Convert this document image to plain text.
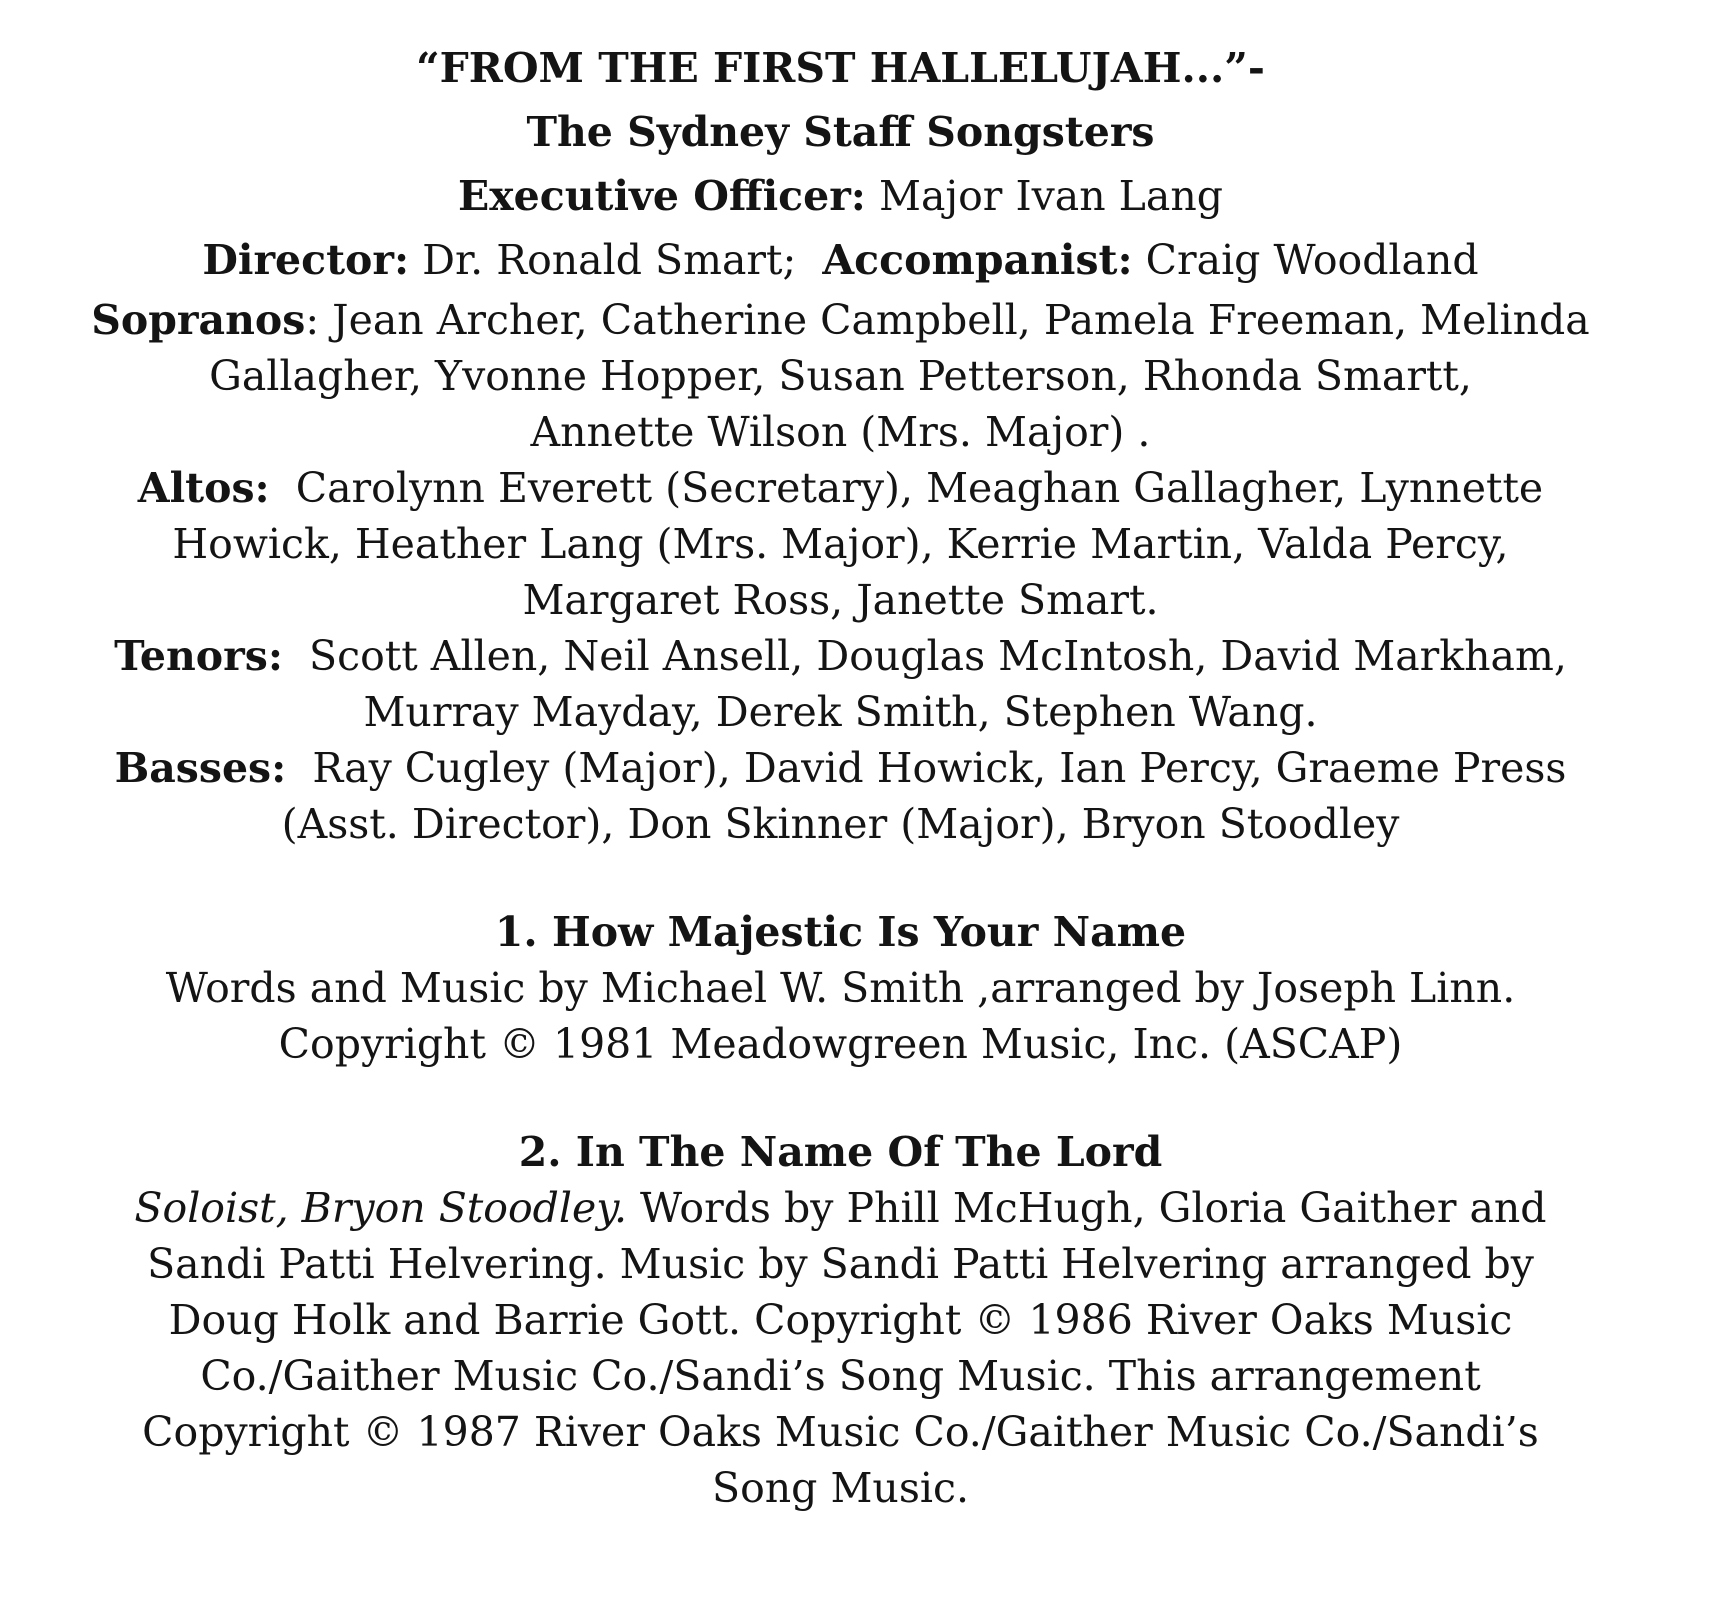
“FROM THE FIRST HALLELUJAH...”-

The Sydney Staff Songsters

Executive Officer: Major Ivan Lang

Director: Dr. Ronald Smart;  Accompanist: Craig Woodland

Sopranos: Jean Archer, Catherine Campbell, Pamela Freeman, Melinda

Gallagher, Yvonne Hopper, Susan Petterson, Rhonda Smartt,

Annette Wilson (Mrs. Major) .

Altos:  Carolynn Everett (Secretary), Meaghan Gallagher, Lynnette

Howick, Heather Lang (Mrs. Major), Kerrie Martin, Valda Percy,

Margaret Ross, Janette Smart.

Tenors:  Scott Allen, Neil Ansell, Douglas McIntosh, David Markham,

Murray Mayday, Derek Smith, Stephen Wang.

Basses:  Ray Cugley (Major), David Howick, Ian Percy, Graeme Press

(Asst. Director), Don Skinner (Major), Bryon Stoodley

1. How Majestic Is Your Name

Words and Music by Michael W. Smith ,arranged by Joseph Linn.

Copyright © 1981 Meadowgreen Music, Inc. (ASCAP)

2. In The Name Of The Lord

Soloist, Bryon Stoodley. Words by Phill McHugh, Gloria Gaither and

Sandi Patti Helvering. Music by Sandi Patti Helvering arranged by

Doug Holk and Barrie Gott. Copyright © 1986 River Oaks Music

Co./Gaither Music Co./Sandi’s Song Music. This arrangement

Copyright © 1987 River Oaks Music Co./Gaither Music Co./Sandi’s

Song Music.
